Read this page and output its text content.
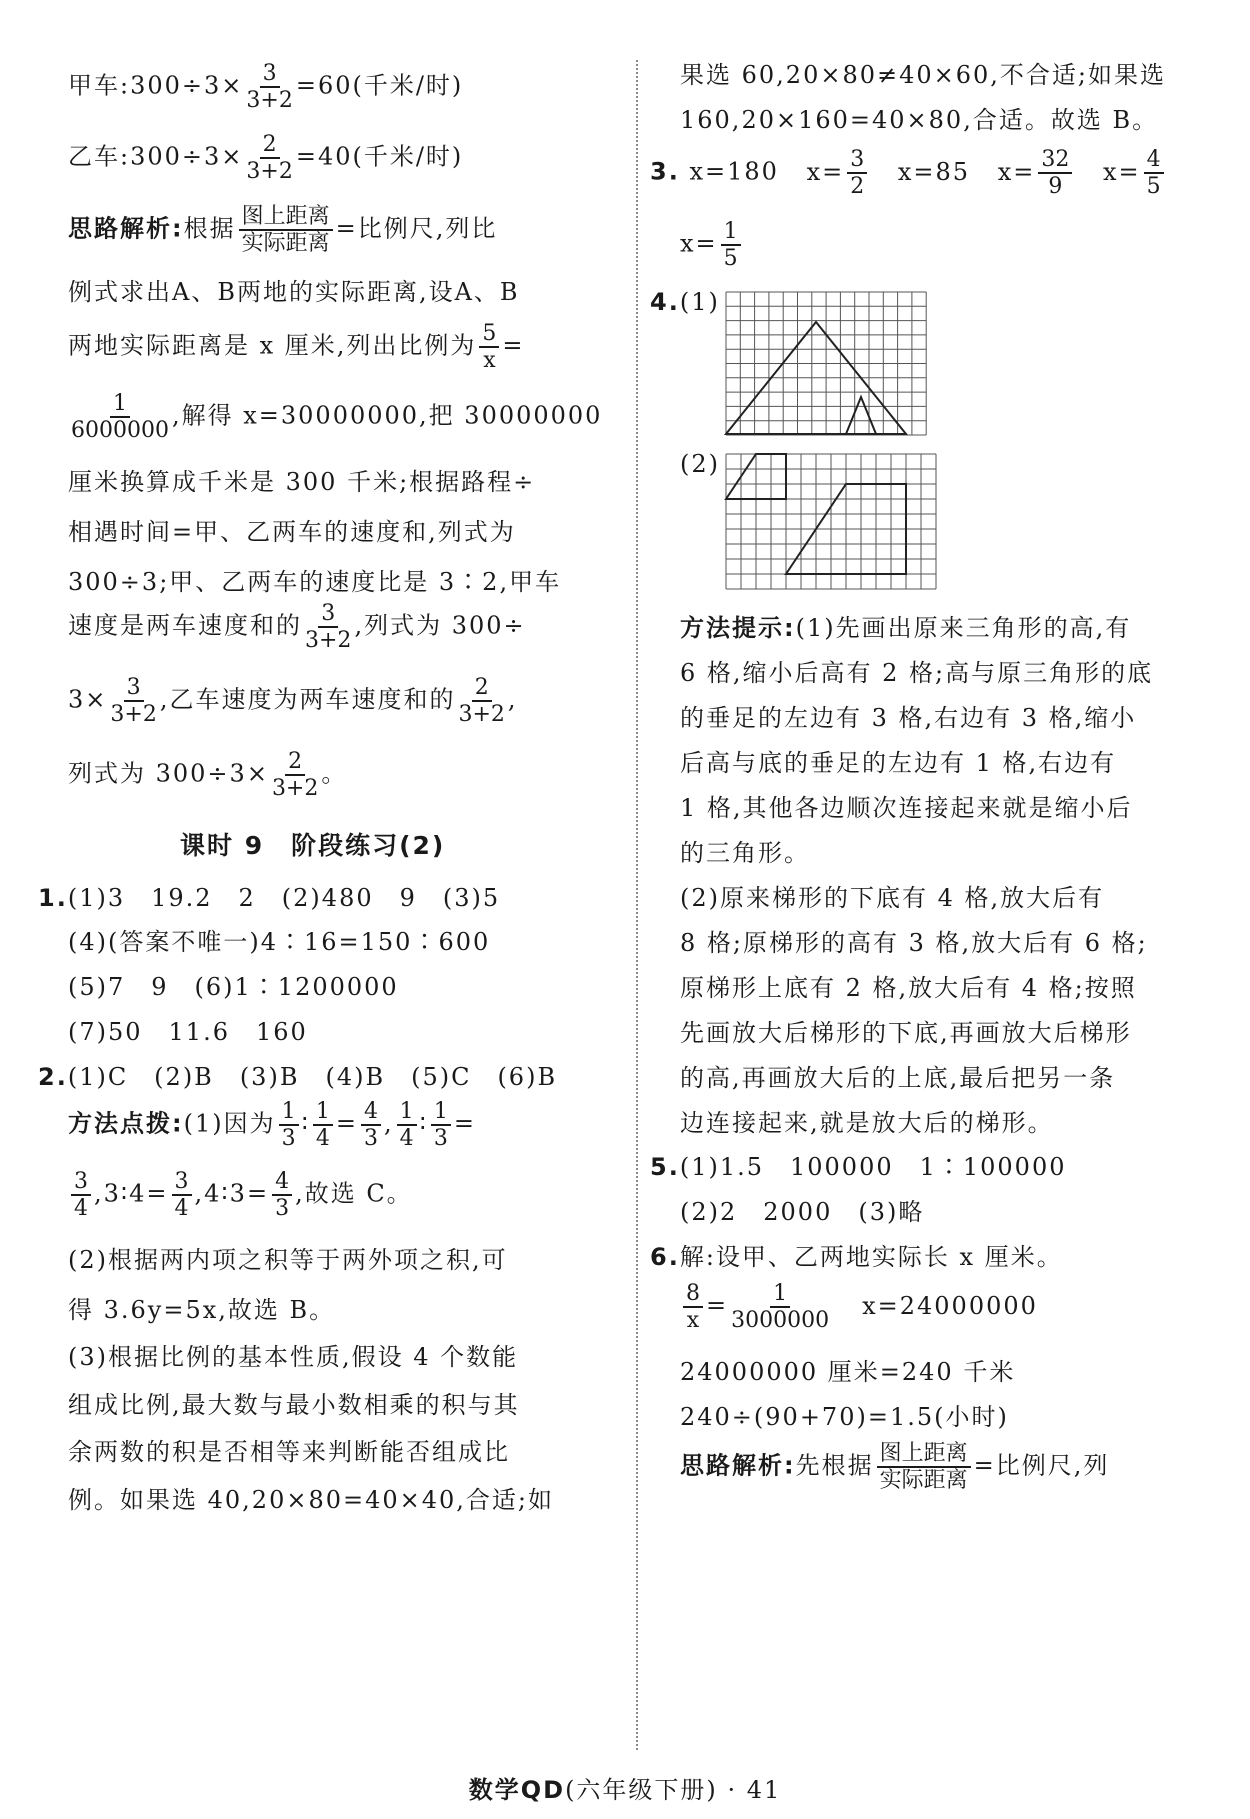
甲车:300÷3× $\frac{3}{3+2} =60$(千米/时)
乙车:300÷3× $\frac{2}{3+2} =40$(千米/时)
思路解析:根据 $\frac{\text{图上距离}}{\text{实际距离}}$ =比例尺,列比
例式求出A、B两地的实际距离,设A、B
两地实际距离是 x 厘米,列出比例为 $\frac{5}{x}$ =
$\frac{1}{6000000}$ ,解得 x=30000000,把 30000000
厘米换算成千米是 300 千米;根据路程÷
相遇时间=甲、乙两车的速度和,列式为
300÷3;甲、乙两车的速度比是 3∶2,甲车
速度是两车速度和的 $\frac{3}{3+2}$ ,列式为 300÷
$3\times \frac{3}{3+2}$ ,乙车速度为两车速度和的 $\frac{2}{3+2}$ ,
列式为 $300\div 3\times \frac{2}{3+2}$ 。
课时 9　阶段练习(2)
1.(1)3　19.2　2　(2)480　9　(3)5
(4)(答案不唯一)4∶16=150∶600
(5)7　9　(6)1∶1200000
(7)50　11.6　160
2.(1)C　(2)B　(3)B　(4)B　(5)C　(6)B
方法点拨:(1)因为 $\frac{1}{3}$ ∶ $\frac{1}{4} = \frac{4}{3}$ , $\frac{1}{4}$ ∶ $\frac{1}{3}$ =
$\frac{3}{4}$ ,3∶4= $\frac{3}{4}$ ,4∶3= $\frac{4}{3}$ ,故选 C。
(2)根据两内项之积等于两外项之积,可
得 3.6y=5x,故选 B。
(3)根据比例的基本性质,假设 4 个数能
组成比例,最大数与最小数相乘的积与其
余两数的积是否相等来判断能否组成比
例。如果选 40,20×80=40×40,合适;如
果选 60,20×80≠40×60,不合适;如果选
160,20×160=40×80,合适。故选 B。
3. x=180 $x= \frac{3}{2} x=85$ $x= \frac{32}{9} x= \frac{4}{5}$
$x= \frac{1}{5}$
4.(1)
(2)
方法提示:(1)先画出原来三角形的高,有
6 格,缩小后高有 2 格;高与原三角形的底
的垂足的左边有 3 格,右边有 3 格,缩小
后高与底的垂足的左边有 1 格,右边有
1 格,其他各边顺次连接起来就是缩小后
的三角形。
(2)原来梯形的下底有 4 格,放大后有
8 格;原梯形的高有 3 格,放大后有 6 格;
原梯形上底有 2 格,放大后有 4 格;按照
先画放大后梯形的下底,再画放大后梯形
的高,再画放大后的上底,最后把另一条
边连接起来,就是放大后的梯形。
5.(1)1.5　100000　1∶100000
(2)2　2000　(3)略
6.解:设甲、乙两地实际长 x 厘米。
$\frac{8}{x} = \frac{1}{3000000} x=24000000$
24000000 厘米=240 千米
240÷(90+70)=1.5(小时)
思路解析:先根据 $\frac{\text{图上距离}}{\text{实际距离}}$ =比例尺,列
数学QD(六年级下册) · 41
